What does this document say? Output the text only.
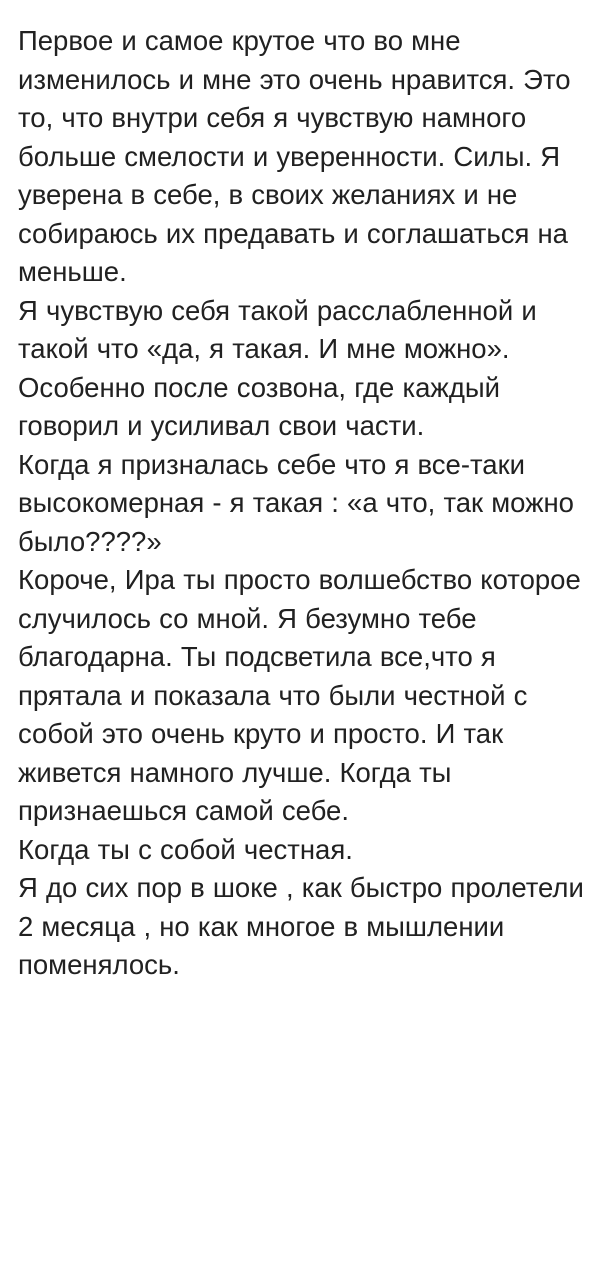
Первое и самое крутое что во мне изменилось и мне это очень нравится. Это то, что внутри себя я чувствую намного больше смелости и уверенности. Силы. Я уверена в себе, в своих желаниях и не собираюсь их предавать и соглашаться на меньше.

Я чувствую себя такой расслабленной и такой что «да, я такая. И мне можно». Особенно после созвона, где каждый говорил и усиливал свои части.

Когда я призналась себе что я все-таки высокомерная - я такая : «а что, так можно было????»

Короче, Ира ты просто волшебство которое случилось со мной. Я безумно тебе благодарна. Ты подсветила все,что я прятала и показала что были честной с собой это очень круто и просто. И так живется намного лучше. Когда ты признаешься самой себе.

Когда ты с собой честная.

Я до сих пор в шоке , как быстро пролетели 2 месяца , но как многое в мышлении поменялось.
